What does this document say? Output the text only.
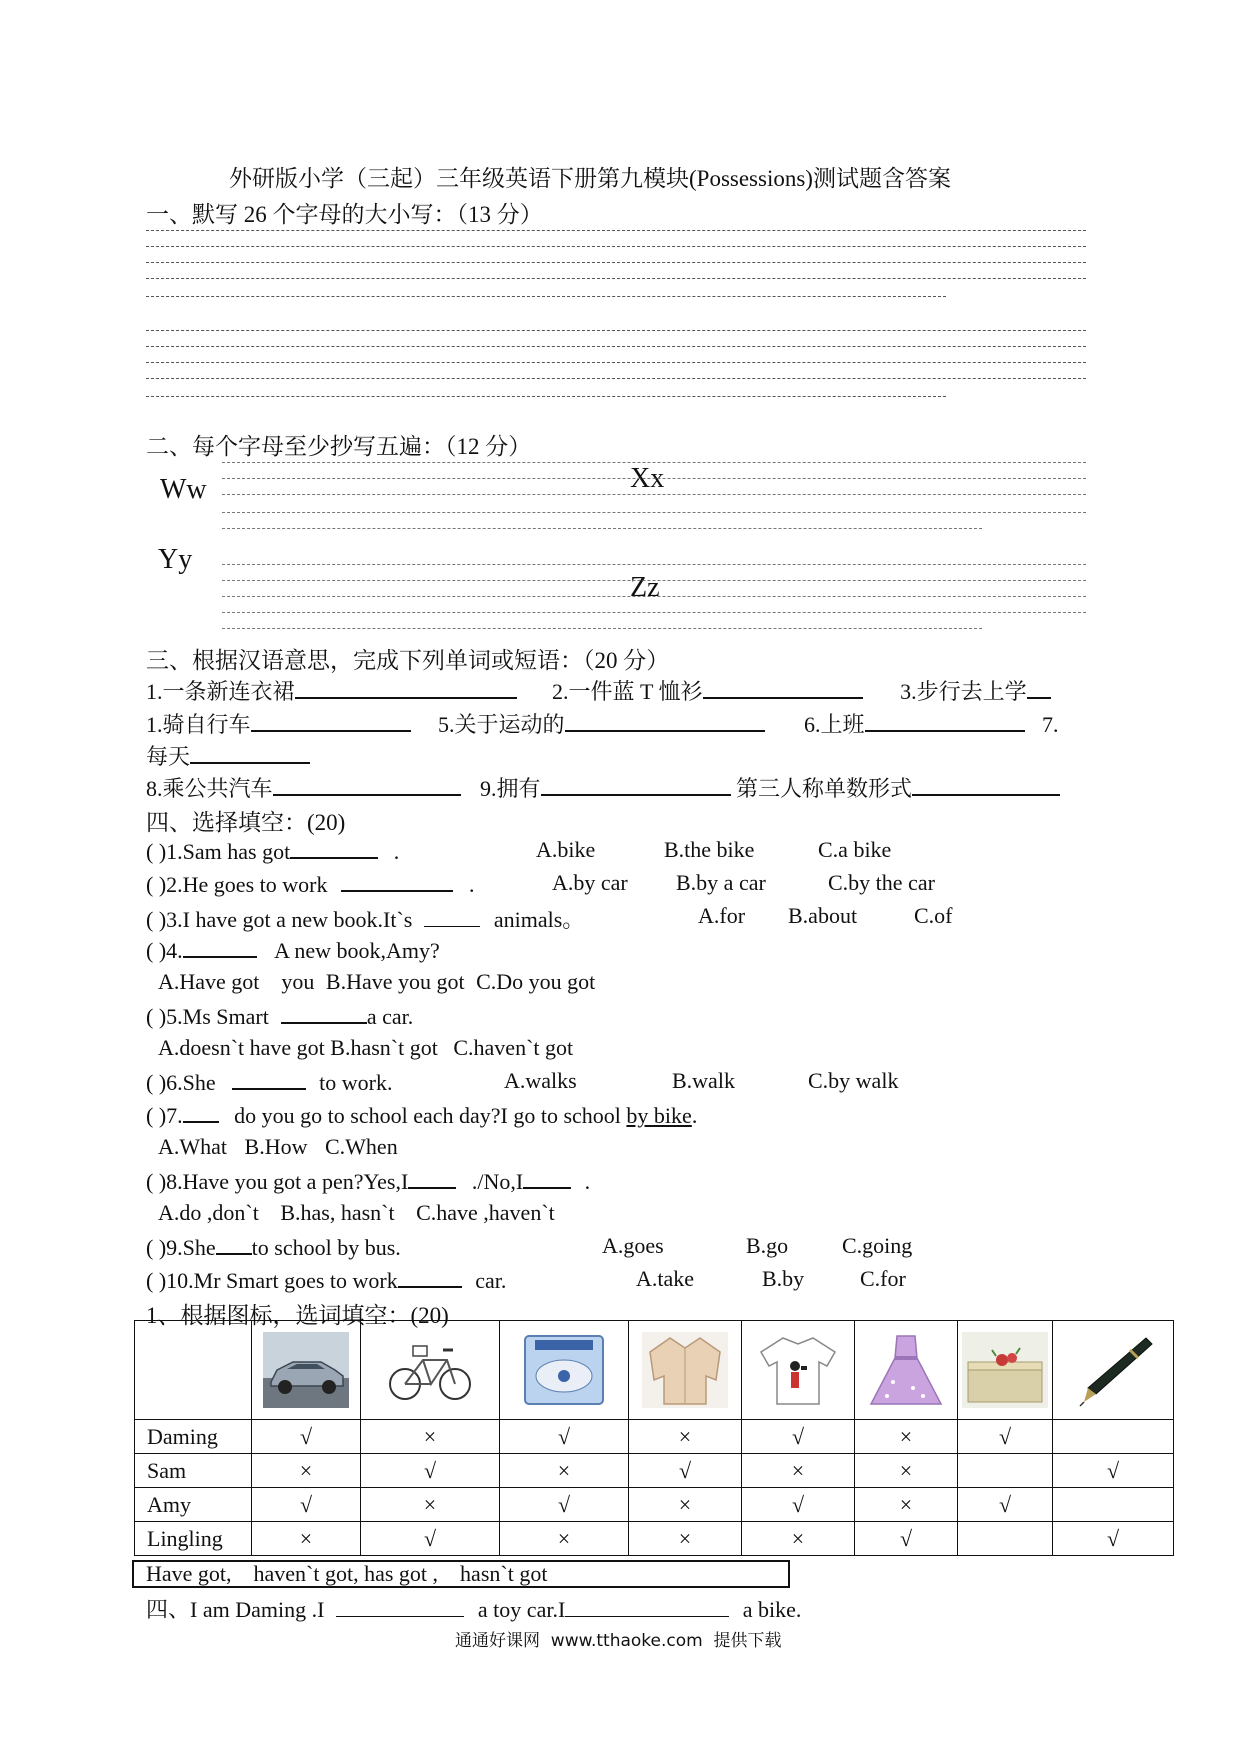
外研版小学（三起）三年级英语下册第九模块(Possessions)测试题含答案
一、默写 26 个字母的大小写：（13 分）
二、每个字母至少抄写五遍：（12 分）
Ww	Xx
Yy
Zz
三、根据汉语意思，完成下列单词或短语：（20 分）
1.一条新连衣裙	2.一件蓝 T 恤衫	3.步行去上学
1.骑自行车	5.关于运动的	6.上班	7.
每天
8.乘公共汽车	9.拥有	第三人称单数形式
四、选择填空：(20)
( )1.Sam has got	.	A.bike	B.the bike	C.a bike
( )2.He goes to work	.	A.by car B.by a car	C.by the car
( )3.I have got a new book.It`s	animals。	A.for B.about	C.of
( )4.	A new book,Amy?
A.Have got    you B.Have you got C.Do you got
( )5.Ms Smart	a car.
A.doesn`t have got B.hasn`t got C.haven`t got
( )6.She	to work.	A.walks	B.walk	C.by walk
( )7. do you go to school each day?I go to school by bike.
A.What B.How C.When
( )8.Have you got a pen?Yes,I	./No,I	.
A.do ,don`t B.has, hasn`t C.have ,haven`t
( )9.She to school by bus.	A.goes	B.go C.going
( )10.Mr Smart goes to work	car.	A.take	B.by	C.for
1、根据图标，选词填空：(20)

Daming	√	×	√	×	√	×	√	
Sam	×	√	×	√	×	×		√
Amy	√	×	√	×	√	×	√	
Lingling	×	√	×	×	×	√		√
Have got,    haven`t got, has got ,    hasn`t got
四、I am Daming .I	a toy car.I	a bike.
通通好课网  www.tthaoke.com  提供下载
